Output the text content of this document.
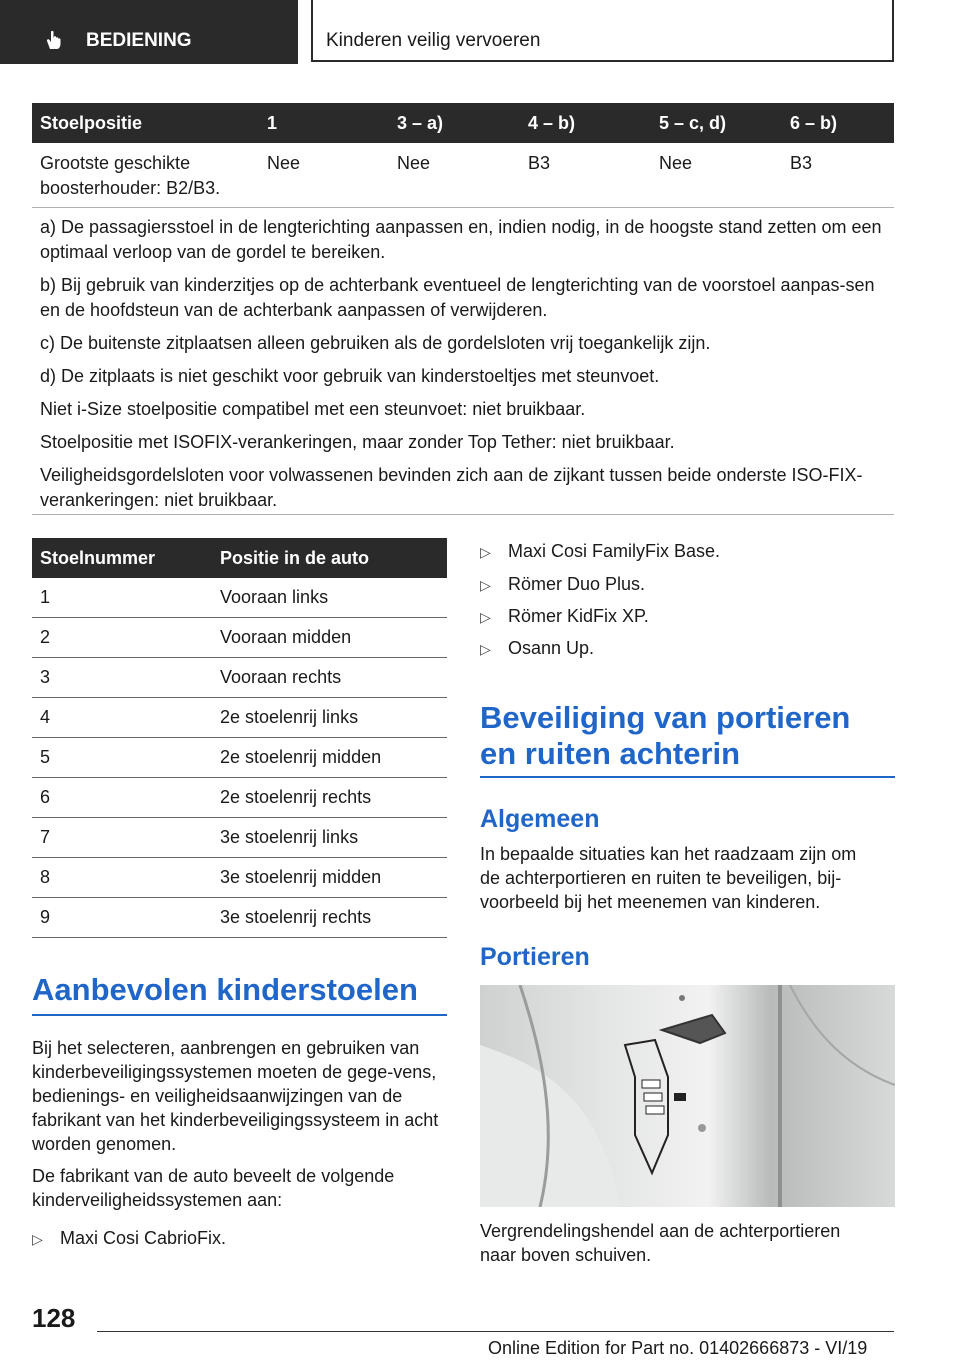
BEDIENING	Kinderen veilig vervoeren
Stoelpositie	1	3 – a)	4 – b)	5 – c, d)	6 – b)
Grootste geschikte boosterhouder: B2/B3.	Nee	Nee	B3	Nee	B3

a) De passagiersstoel in de lengterichting aanpassen en, indien nodig, in de hoogste stand zetten om een optimaal verloop van de gordel te bereiken.

b) Bij gebruik van kinderzitjes op de achterbank eventueel de lengterichting van de voorstoel aanpas-sen en de hoofdsteun van de achterbank aanpassen of verwijderen.

c) De buitenste zitplaatsen alleen gebruiken als de gordelsloten vrij toegankelijk zijn.

d) De zitplaats is niet geschikt voor gebruik van kinderstoeltjes met steunvoet.

Niet i-Size stoelpositie compatibel met een steunvoet: niet bruikbaar.

Stoelpositie met ISOFIX-verankeringen, maar zonder Top Tether: niet bruikbaar.

Veiligheidsgordelsloten voor volwassenen bevinden zich aan de zijkant tussen beide onderste ISO-FIX-verankeringen: niet bruikbaar.

Stoelnummer	Positie in de auto
1	Vooraan links
2	Vooraan midden
3	Vooraan rechts
4	2e stoelenrij links
5	2e stoelenrij midden
6	2e stoelenrij rechts
7	3e stoelenrij links
8	3e stoelenrij midden
9	3e stoelenrij rechts
Aanbevolen kinderstoelen

Bij het selecteren, aanbrengen en gebruiken van kinderbeveiligingssystemen moeten de gege-vens, bedienings- en veiligheidsaanwijzingen van de fabrikant van het kinderbeveiligingssysteem in acht worden genomen.

De fabrikant van de auto beveelt de volgende kinderveiligheidssystemen aan:

▷ Maxi Cosi CabrioFix.
▷ Maxi Cosi FamilyFix Base.
▷ Römer Duo Plus.
▷ Römer KidFix XP.
▷ Osann Up.
Beveiliging van portieren
en ruiten achterin
Algemeen

In bepaalde situaties kan het raadzaam zijn om de achterportieren en ruiten te beveiligen, bij-voorbeeld bij het meenemen van kinderen.

Portieren
Vergrendelingshendel aan de achterportieren naar boven schuiven.
128
Online Edition for Part no. 01402666873 - VI/19
